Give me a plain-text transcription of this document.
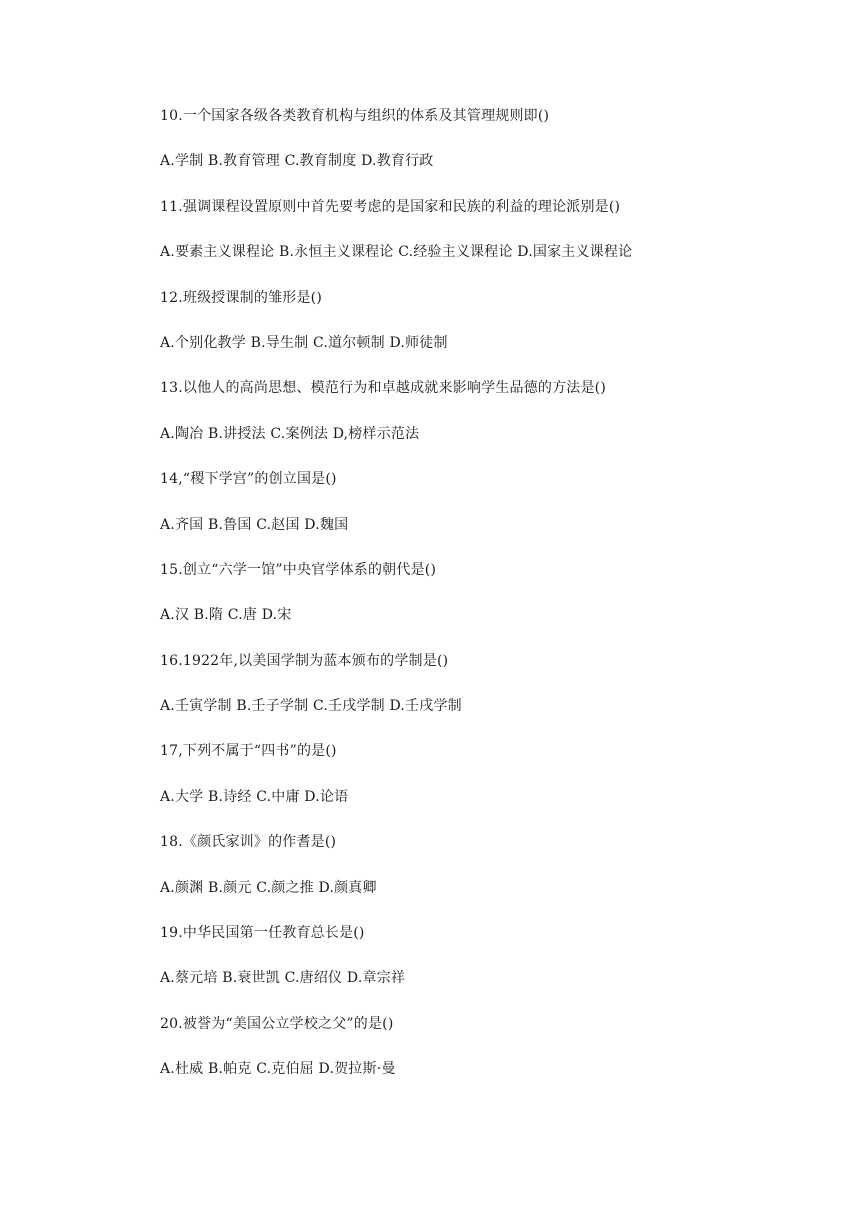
10.一个国家各级各类教育机构与组织的体系及其管理规则即()
A.学制 B.教育管理 C.教育制度 D.教育行政
11.强调课程设置原则中首先要考虑的是国家和民族的利益的理论派别是()
A.要素主义课程论 B.永恒主义课程论 C.经验主义课程论 D.国家主义课程论
12.班级授课制的雏形是()
A.个别化教学 B.导生制 C.道尔顿制 D.师徒制
13.以他人的高尚思想、模范行为和卓越成就来影响学生品德的方法是()
A.陶冶 B.讲授法 C.案例法 D,榜样示范法
14,“稷下学宫”的创立国是()
A.齐国 B.鲁国 C.赵国 D.魏国
15.创立“六学一馆”中央官学体系的朝代是()
A.汉 B.隋 C.唐 D.宋
16.1922年,以美国学制为蓝本颁布的学制是()
A.壬寅学制 B.壬子学制 C.壬戌学制 D.壬戌学制
17,下列不属于“四书”的是()
A.大学 B.诗经 C.中庸 D.论语
18.《颜氏家训》的作耆是()
A.颜渊 B.颜元 C.颜之推 D.颜真卿
19.中华民国第一任教育总长是()
A.蔡元培 B.衰世凯 C.唐绍仪 D.章宗祥
20.被誉为“美国公立学校之父”的是()
A.杜威 B.帕克 C.克伯屈 D.贺拉斯·曼
